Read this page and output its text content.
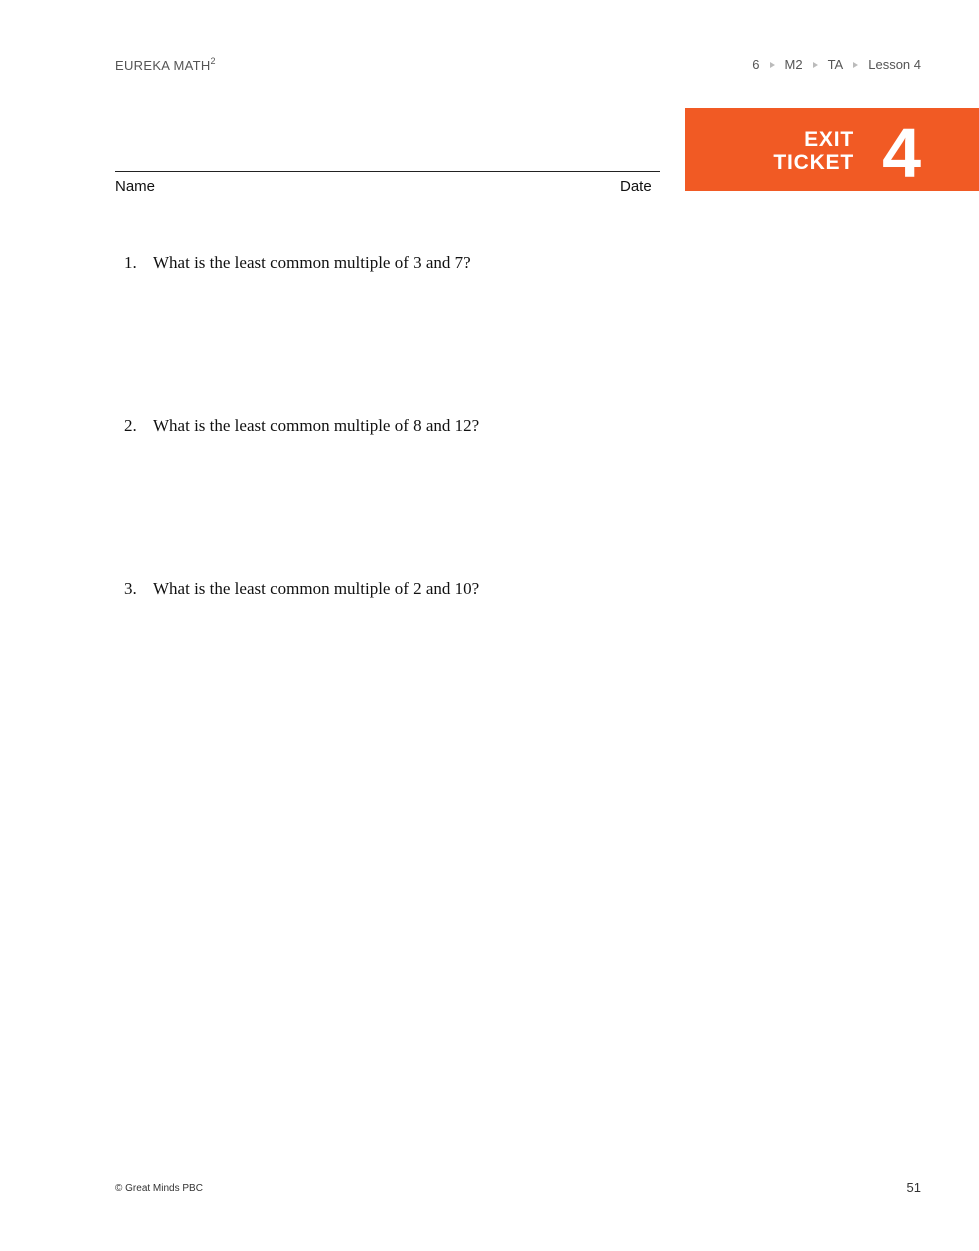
EUREKA MATH$^2$	6 M2 TA Lesson 4
Name	Date
EXIT
TICKET 4
1. What is the least common multiple of 3 and 7?
2. What is the least common multiple of 8 and 12?
3. What is the least common multiple of 2 and 10?
© Great Minds PBC	51
